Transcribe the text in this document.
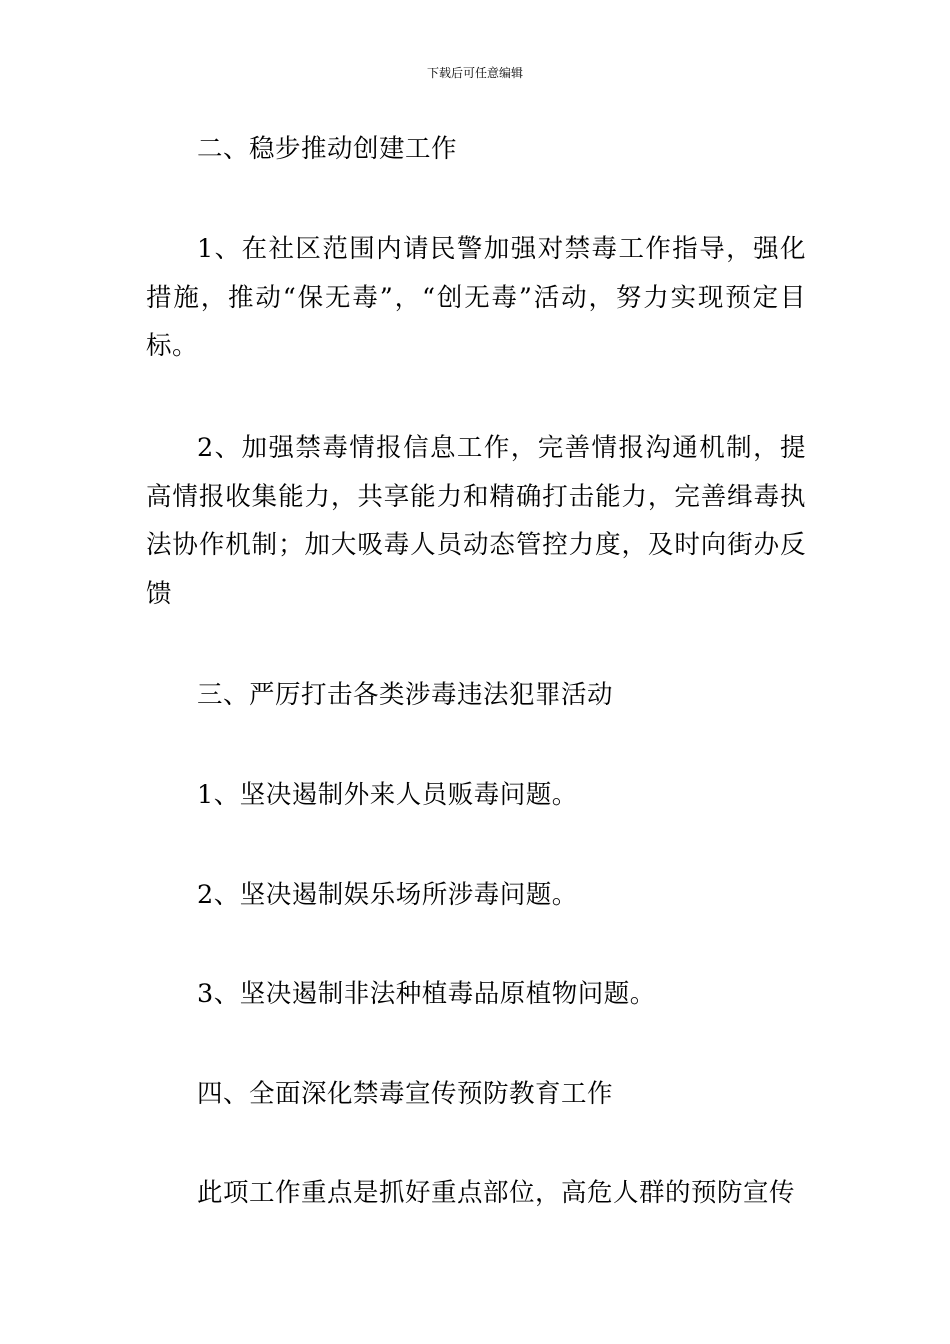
下载后可任意编辑

二、稳步推动创建工作

1、在社区范围内请民警加强对禁毒工作指导，强化措施，推动“保无毒”，“创无毒”活动，努力实现预定目标。

2、加强禁毒情报信息工作，完善情报沟通机制，提高情报收集能力，共享能力和精确打击能力，完善缉毒执法协作机制；加大吸毒人员动态管控力度，及时向街办反馈

三、严厉打击各类涉毒违法犯罪活动

1、坚决遏制外来人员贩毒问题。

2、坚决遏制娱乐场所涉毒问题。

3、坚决遏制非法种植毒品原植物问题。

四、全面深化禁毒宣传预防教育工作

此项工作重点是抓好重点部位，高危人群的预防宣传
